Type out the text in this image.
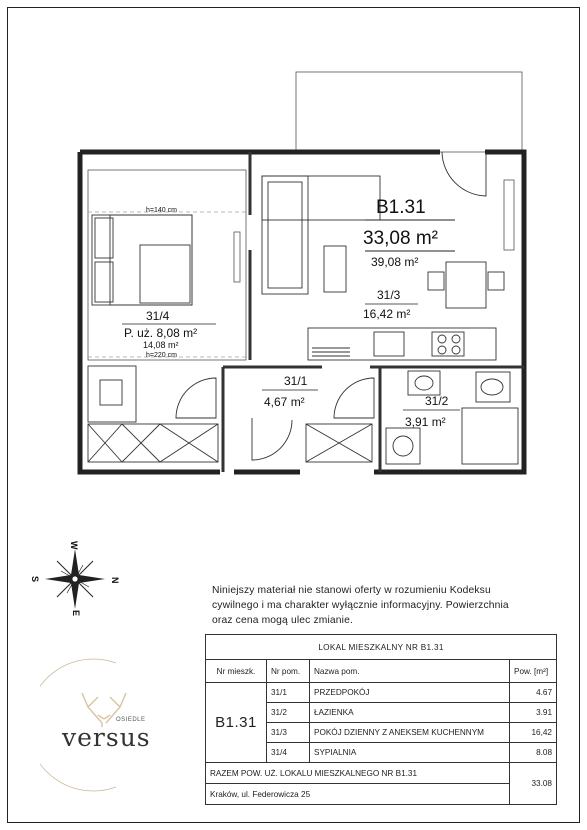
h=140 cm
h=220 cm
B1.31
33,08 m²
39,08 m²
31/3
16,42 m²
31/4
P. uż. 8,08 m²
14,08 m²
31/1
4,67 m²	31/2
3,91 m²
W
S	N
E
OSIEDLE
versus
Niniejszy materiał nie stanowi oferty w rozumieniu Kodeksu
cywilnego i ma charakter wyłącznie informacyjny. Powierzchnia
oraz cena mogą ulec zmianie.
LOKAL MIESZKALNY NR B1.31			
Nr mieszk.	Nr pom.	Nazwa pom.	Pow. [m²]
B1.31	31/1	PRZEDPOKÓJ	4.67
	31/2	ŁAZIENKA	3.91
	31/3	POKÓJ DZIENNY Z ANEKSEM KUCHENNYM	16,42
	31/4	SYPIALNIA	8.08
RAZEM POW. UŻ. LOKALU MIESZKALNEGO NR B1.31			33.08
Kraków, ul. Federowicza 25			
